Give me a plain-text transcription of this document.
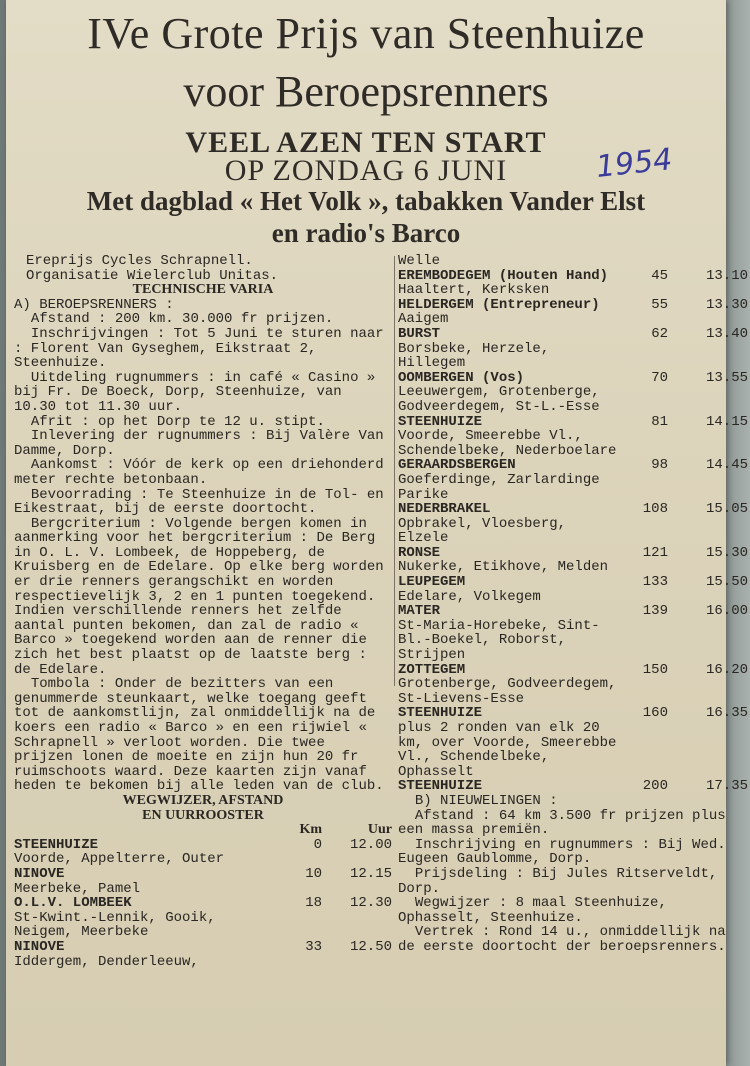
IVe Grote Prijs van Steenhuize
voor Beroepsrenners
VEEL AZEN TEN START
OP ZONDAG 6 JUNI	1954
Met dagblad « Het Volk », tabakken Vander Elst
en radio's Barco

Ereprijs Cycles Schrapnell.

Organisatie Wielerclub Unitas.

TECHNISCHE VARIA

A) BEROEPSRENNERS :

Afstand : 200 km. 30.000 fr prijzen.

Inschrijvingen : Tot 5 Juni te sturen naar : Florent Van Gyseghem, Eikstraat 2, Steenhuize.

Uitdeling rugnummers : in café « Casino » bij Fr. De Boeck, Dorp, Steenhuize, van 10.30 tot 11.30 uur.

Afrit : op het Dorp te 12 u. stipt.

Inlevering der rugnummers : Bij Valère Van Damme, Dorp.

Aankomst : Vóór de kerk op een driehonderd meter rechte betonbaan.

Bevoorrading : Te Steenhuize in de Tol- en Eikestraat, bij de eerste doortocht.

Bergcriterium : Volgende bergen komen in aanmerking voor het bergcriterium : De Berg in O. L. V. Lombeek, de Hoppeberg, de Kruisberg en de Edelare. Op elke berg worden er drie renners gerangschikt en worden respectievelijk 3, 2 en 1 punten toegekend. Indien verschillende renners het zelfde aantal punten bekomen, dan zal de radio « Barco » toegekend worden aan de renner die zich het best plaatst op de laatste berg : de Edelare.

Tombola : Onder de bezitters van een genummerde steunkaart, welke toegang geeft tot de aankomstlijn, zal onmiddellijk na de koers een radio « Barco » en een rijwiel « Schrapnell » verloot worden. Die twee prijzen lonen de moeite en zijn hun 20 fr ruimschoots waard. Deze kaarten zijn vanaf heden te bekomen bij alle leden van de club.

WEGWIJZER, AFSTAND

EN UURROOSTER
Km	Uur
STEENHUIZE	0	12.00
Voorde, Appelterre, Outer
NINOVE	10	12.15
Meerbeke, Pamel
O.L.V. LOMBEEK	18	12.30
St-Kwint.-Lennik, Gooik, Neigem, Meerbeke
NINOVE	33	12.50
Iddergem, Denderleeuw,
Welle
EREMBODEGEM (Houten Hand)	45	13.10
Haaltert, Kerksken
HELDERGEM (Entrepreneur)	55	13.30
Aaigem
BURST	62	13.40
Borsbeke, Herzele, Hillegem
OOMBERGEN (Vos)	70	13.55
Leeuwergem, Grotenberge, Godveerdegem, St-L.-Esse
STEENHUIZE	81	14.15
Voorde, Smeerebbe Vl., Schendelbeke, Nederboelare
GERAARDSBERGEN	98	14.45
Goeferdinge, Zarlardinge Parike
NEDERBRAKEL	108	15.05
Opbrakel, Vloesberg, Elzele
RONSE	121	15.30
Nukerke, Etikhove, Melden
LEUPEGEM	133	15.50
Edelare, Volkegem
MATER	139	16.00
St-Maria-Horebeke, Sint-Bl.-Boekel, Roborst, Strijpen
ZOTTEGEM	150	16.20
Grotenberge, Godveerdegem, St-Lievens-Esse
STEENHUIZE	160	16.35
plus 2 ronden van elk 20 km, over Voorde, Smeerebbe Vl., Schendelbeke, Ophasselt
STEENHUIZE	200	17.35

B) NIEUWELINGEN :

Afstand : 64 km 3.500 fr prijzen plus een massa premiën.

Inschrijving en rugnummers : Bij Wed. Eugeen Gaublomme, Dorp.

Prijsdeling : Bij Jules Ritserveldt, Dorp.

Wegwijzer : 8 maal Steenhuize, Ophasselt, Steenhuize.

Vertrek : Rond 14 u., onmiddellijk na de eerste doortocht der beroepsrenners.
